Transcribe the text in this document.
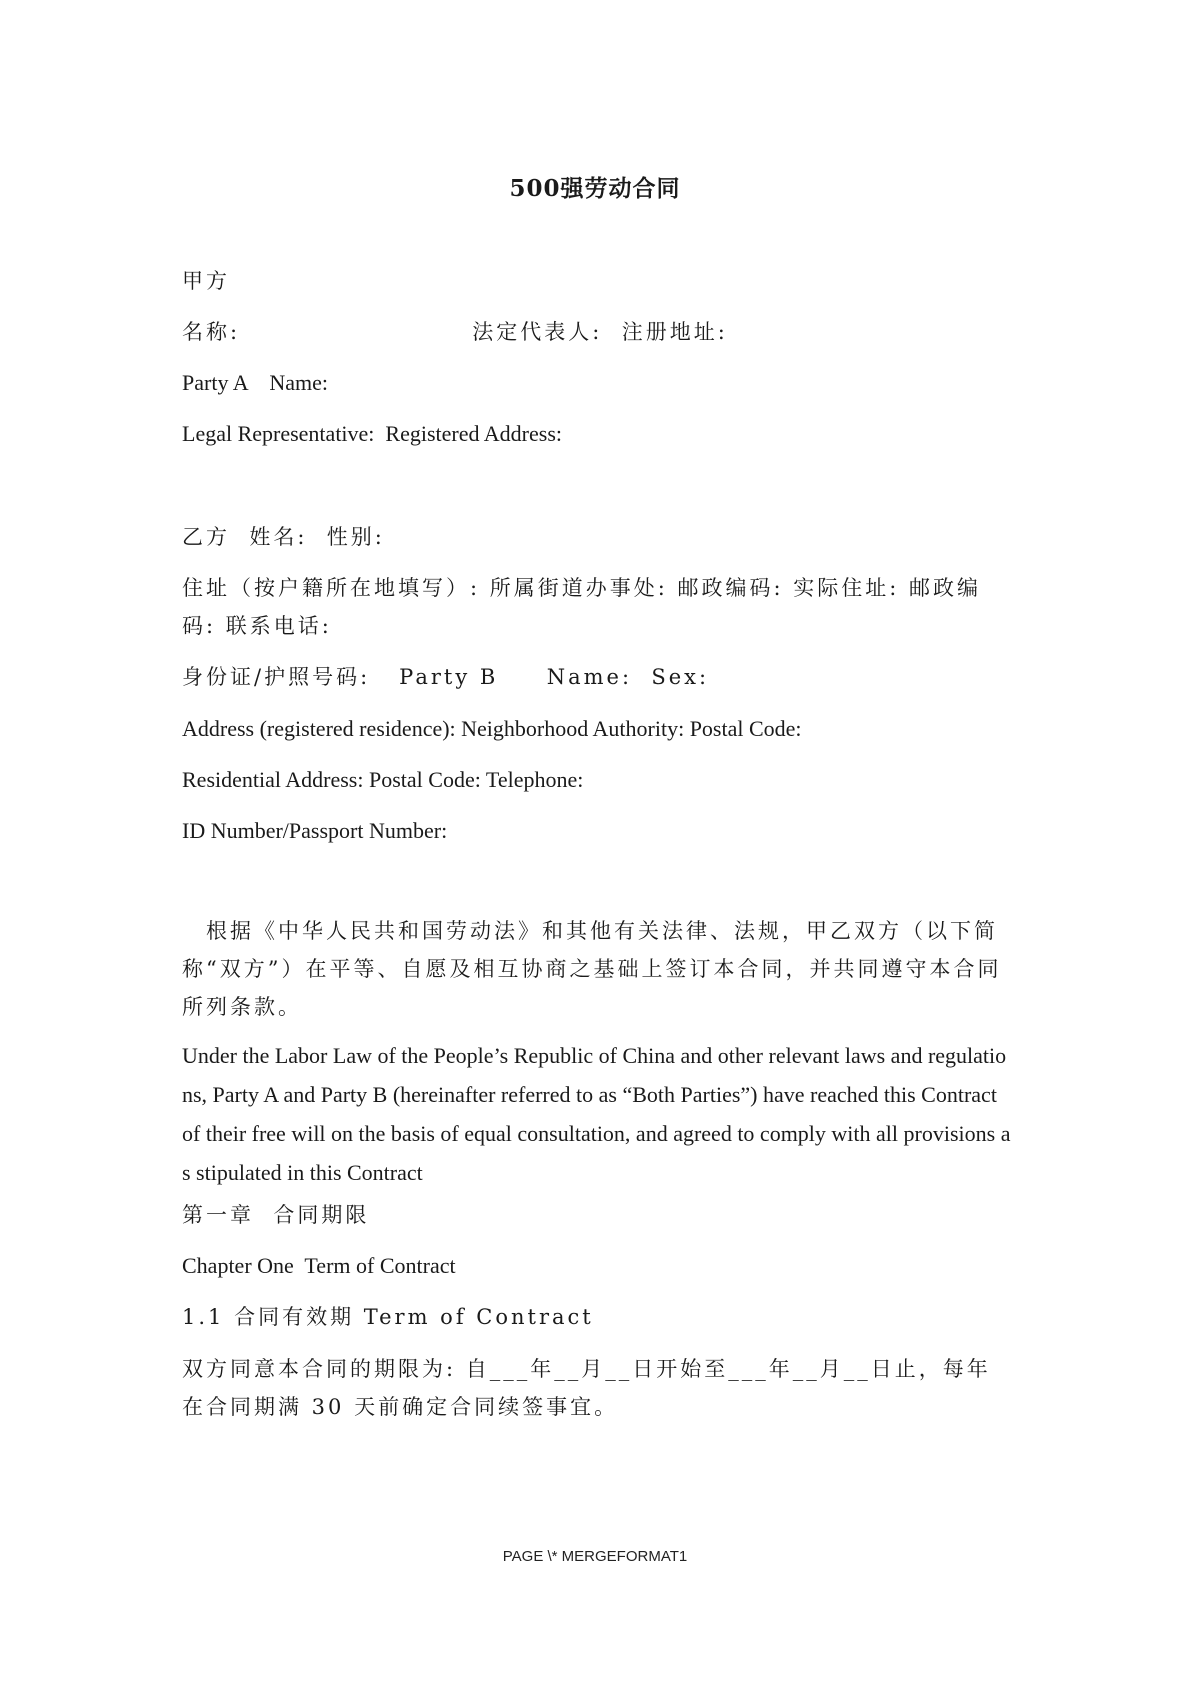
500强劳动合同

甲方

名称:                        法定代表人:  注册地址:

Party A    Name:

Legal Representative:  Registered Address:

乙方  姓名:  性别:

住址（按户籍所在地填写）: 所属街道办事处: 邮政编码: 实际住址: 邮政编码: 联系电话:

身份证/护照号码:   Party B     Name:  Sex:

Address (registered residence): Neighborhood Authority: Postal Code:

Residential Address: Postal Code: Telephone:

ID Number/Passport Number:

根据《中华人民共和国劳动法》和其他有关法律、法规，甲乙双方（以下简称“双方”）在平等、自愿及相互协商之基础上签订本合同，并共同遵守本合同所列条款。

Under the Labor Law of the People’s Republic of China and other relevant laws and regulations, Party A and Party B (hereinafter referred to as “Both Parties”) have reached this Contract of their free will on the basis of equal consultation, and agreed to comply with all provisions as stipulated in this Contract

第一章  合同期限

Chapter One  Term of Contract

1.1 合同有效期 Term of Contract

双方同意本合同的期限为: 自___年__月__日开始至___年__月__日止，每年在合同期满 30 天前确定合同续签事宜。

PAGE \* MERGEFORMAT1
